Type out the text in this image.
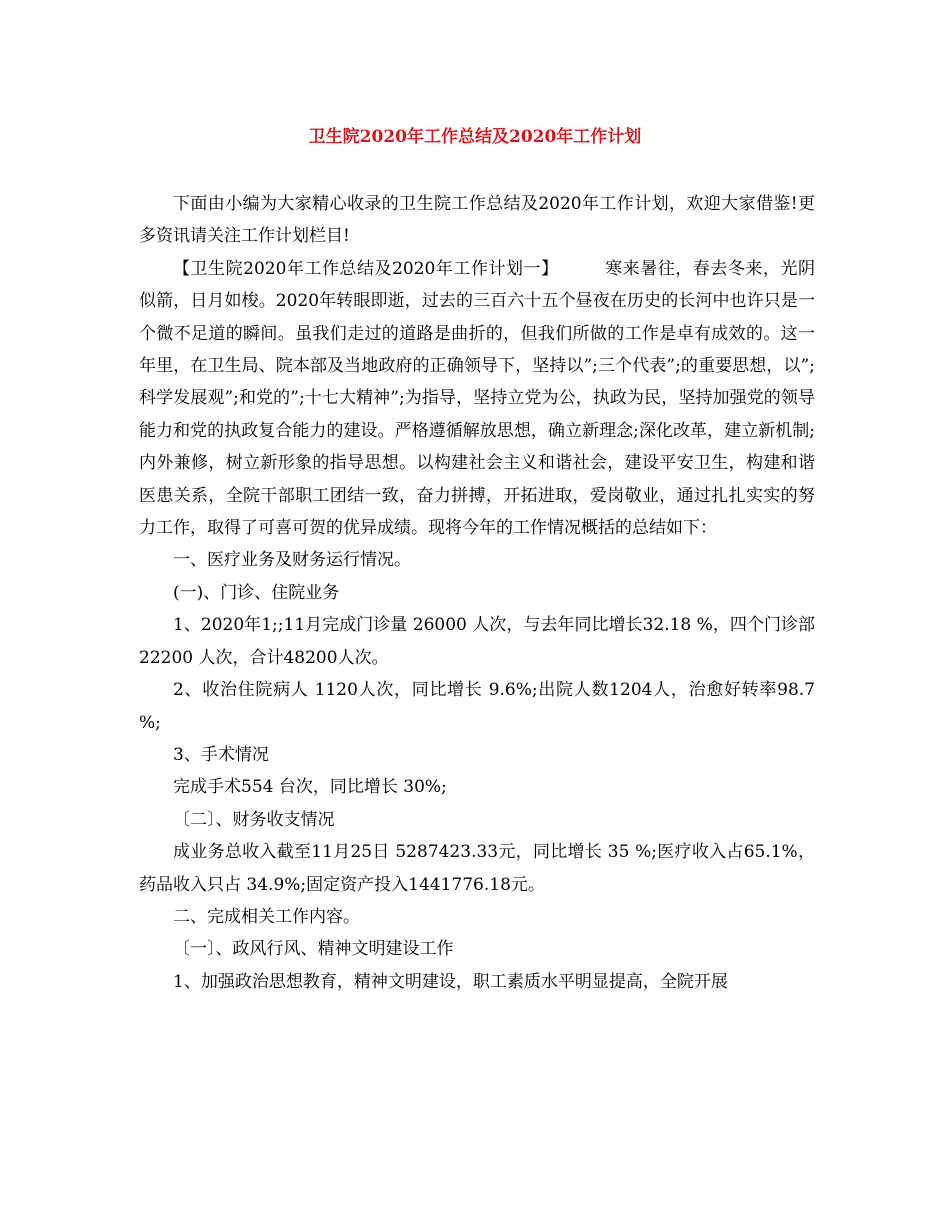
卫生院2020年工作总结及2020年工作计划

下面由小编为大家精心收录的卫生院工作总结及2020年工作计划，欢迎大家借鉴!更多资讯请关注工作计划栏目!

【卫生院2020年工作总结及2020年工作计划一】	寒来暑往，春去冬来，光阴似箭，日月如梭。2020年转眼即逝，过去的三百六十五个昼夜在历史的长河中也许只是一个微不足道的瞬间。虽我们走过的道路是曲折的，但我们所做的工作是卓有成效的。这一年里，在卫生局、院本部及当地政府的正确领导下，坚持以”;三个代表”;的重要思想，以”;科学发展观”;和党的”;十七大精神”;为指导，坚持立党为公，执政为民，坚持加强党的领导能力和党的执政复合能力的建设。严格遵循解放思想，确立新理念;深化改革，建立新机制;内外兼修，树立新形象的指导思想。以构建社会主义和谐社会，建设平安卫生，构建和谐医患关系，全院干部职工团结一致，奋力拼搏，开拓进取，爱岗敬业，通过扎扎实实的努力工作，取得了可喜可贺的优异成绩。现将今年的工作情况概括的总结如下：

一、医疗业务及财务运行情况。

(一)、门诊、住院业务

1、2020年1;;11月完成门诊量 26000 人次，与去年同比增长32.18 %，四个门诊部 22200 人次，合计48200人次。

2、收治住院病人 1120人次，同比增长 9.6%;出院人数1204人，治愈好转率98.7 %;

3、手术情况

完成手术554 台次，同比增长 30%;

〔二〕、财务收支情况

成业务总收入截至11月25日 5287423.33元，同比增长 35 %;医疗收入占65.1%，药品收入只占 34.9%;固定资产投入1441776.18元。

二、完成相关工作内容。

〔一〕、政风行风、精神文明建设工作

1、加强政治思想教育，精神文明建设，职工素质水平明显提高，全院开展
